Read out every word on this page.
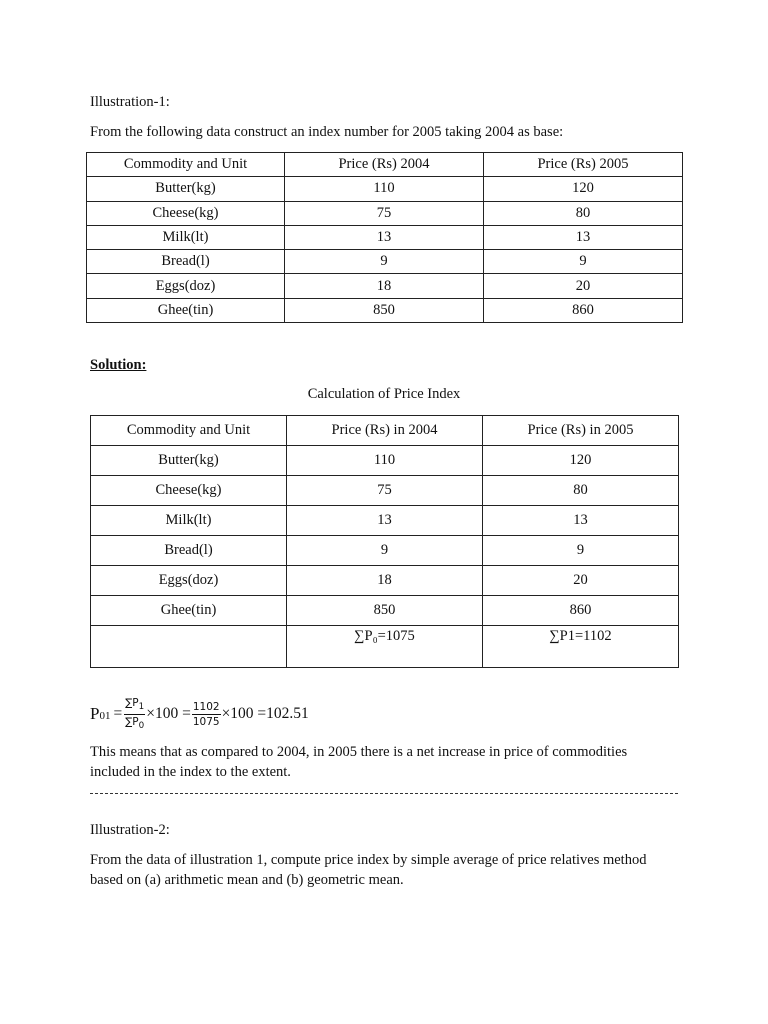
Illustration-1:
From the following data construct an index number for 2005 taking 2004 as base:
Commodity and Unit	Price (Rs) 2004	Price (Rs) 2005
Butter(kg)	110	120
Cheese(kg)	75	80
Milk(lt)	13	13
Bread(l)	9	9
Eggs(doz)	18	20
Ghee(tin)	850	860
Solution:
Calculation of Price Index
Commodity and Unit	Price (Rs) in 2004	Price (Rs) in 2005
Butter(kg)	110	120
Cheese(kg)	75	80
Milk(lt)	13	13
Bread(l)	9	9
Eggs(doz)	18	20
Ghee(tin)	850	860
	∑P₀=1075	∑P1=1102
$P_{01} = \frac{\sum P_1}{\sum P_0} \times 100 = \frac{1102}{1075} \times 100 =102.51$
This means that as compared to 2004, in 2005 there is a net increase in price of commodities included in the index to the extent.
Illustration-2:
From the data of illustration 1, compute price index by simple average of price relatives method based on (a) arithmetic mean and (b) geometric mean.
